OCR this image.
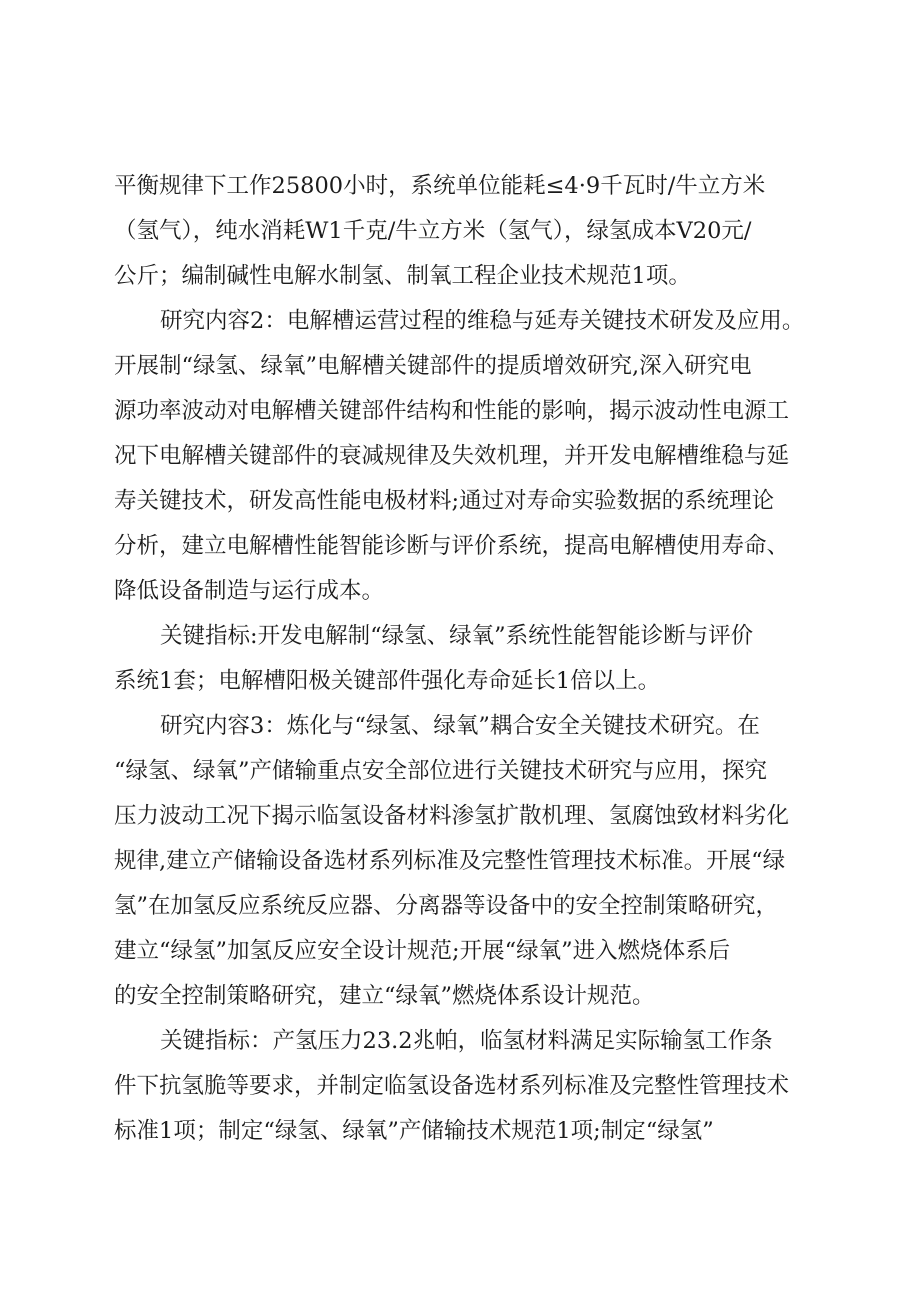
平衡规律下工作25800小时，系统单位能耗≤4·9千瓦时/牛立方米
（氢气），纯水消耗W1千克/牛立方米（氢气），绿氢成本V20元/
公斤；编制碱性电解水制氢、制氧工程企业技术规范1项。
研究内容2：电解槽运营过程的维稳与延寿关键技术研发及应用。
开展制“绿氢、绿氧”电解槽关键部件的提质增效研究,深入研究电
源功率波动对电解槽关键部件结构和性能的影响，揭示波动性电源工
况下电解槽关键部件的衰减规律及失效机理，并开发电解槽维稳与延
寿关键技术，研发高性能电极材料;通过对寿命实验数据的系统理论
分析，建立电解槽性能智能诊断与评价系统，提高电解槽使用寿命、
降低设备制造与运行成本。
关键指标:开发电解制“绿氢、绿氧”系统性能智能诊断与评价
系统1套；电解槽阳极关键部件强化寿命延长1倍以上。
研究内容3：炼化与“绿氢、绿氧”耦合安全关键技术研究。在
“绿氢、绿氧”产储输重点安全部位进行关键技术研究与应用，探究
压力波动工况下揭示临氢设备材料渗氢扩散机理、氢腐蚀致材料劣化
规律,建立产储输设备选材系列标准及完整性管理技术标准。开展“绿
氢”在加氢反应系统反应器、分离器等设备中的安全控制策略研究，
建立“绿氢”加氢反应安全设计规范;开展“绿氧”进入燃烧体系后
的安全控制策略研究，建立“绿氧”燃烧体系设计规范。
关键指标：产氢压力23.2兆帕，临氢材料满足实际输氢工作条
件下抗氢脆等要求，并制定临氢设备选材系列标准及完整性管理技术
标准1项；制定“绿氢、绿氧”产储输技术规范1项;制定“绿氢”
